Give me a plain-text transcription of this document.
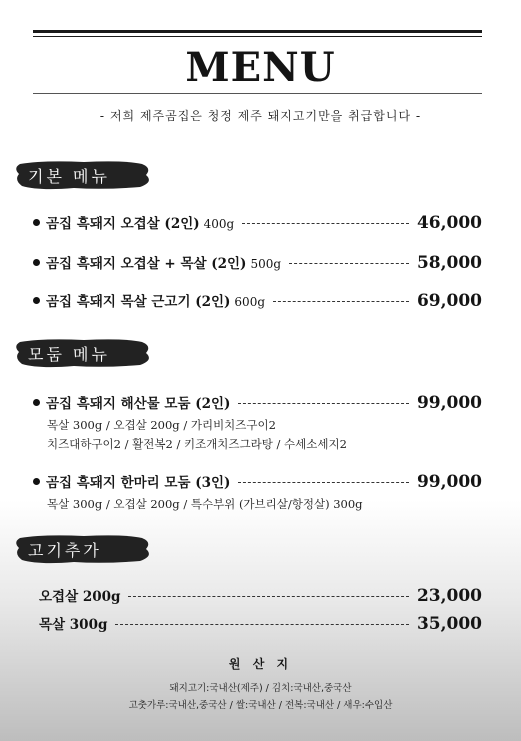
MENU
- 저희 제주곰집은 청정 제주 돼지고기만을 취급합니다 -
기본 메뉴
곰집 흑돼지 오겹살 (2인) 400g	46,000
곰집 흑돼지 오겹살 + 목살 (2인) 500g	58,000
곰집 흑돼지 목살 근고기 (2인) 600g	69,000
모둠 메뉴
곰집 흑돼지 해산물 모둠 (2인)	99,000
목살 300g / 오겹살 200g / 가리비치즈구이2
치즈대하구이2 / 활전복2 / 키조개치즈그라탕 / 수세소세지2
곰집 흑돼지 한마리 모둠 (3인)	99,000
목살 300g / 오겹살 200g / 특수부위 (가브리살/항정살) 300g
고기추가
오겹살 200g	23,000
목살 300g	35,000
원 산 지
돼지고기:국내산(제주) / 김치:국내산,중국산
고춧가루:국내산,중국산 / 쌀:국내산 / 전복:국내산 / 새우:수입산
